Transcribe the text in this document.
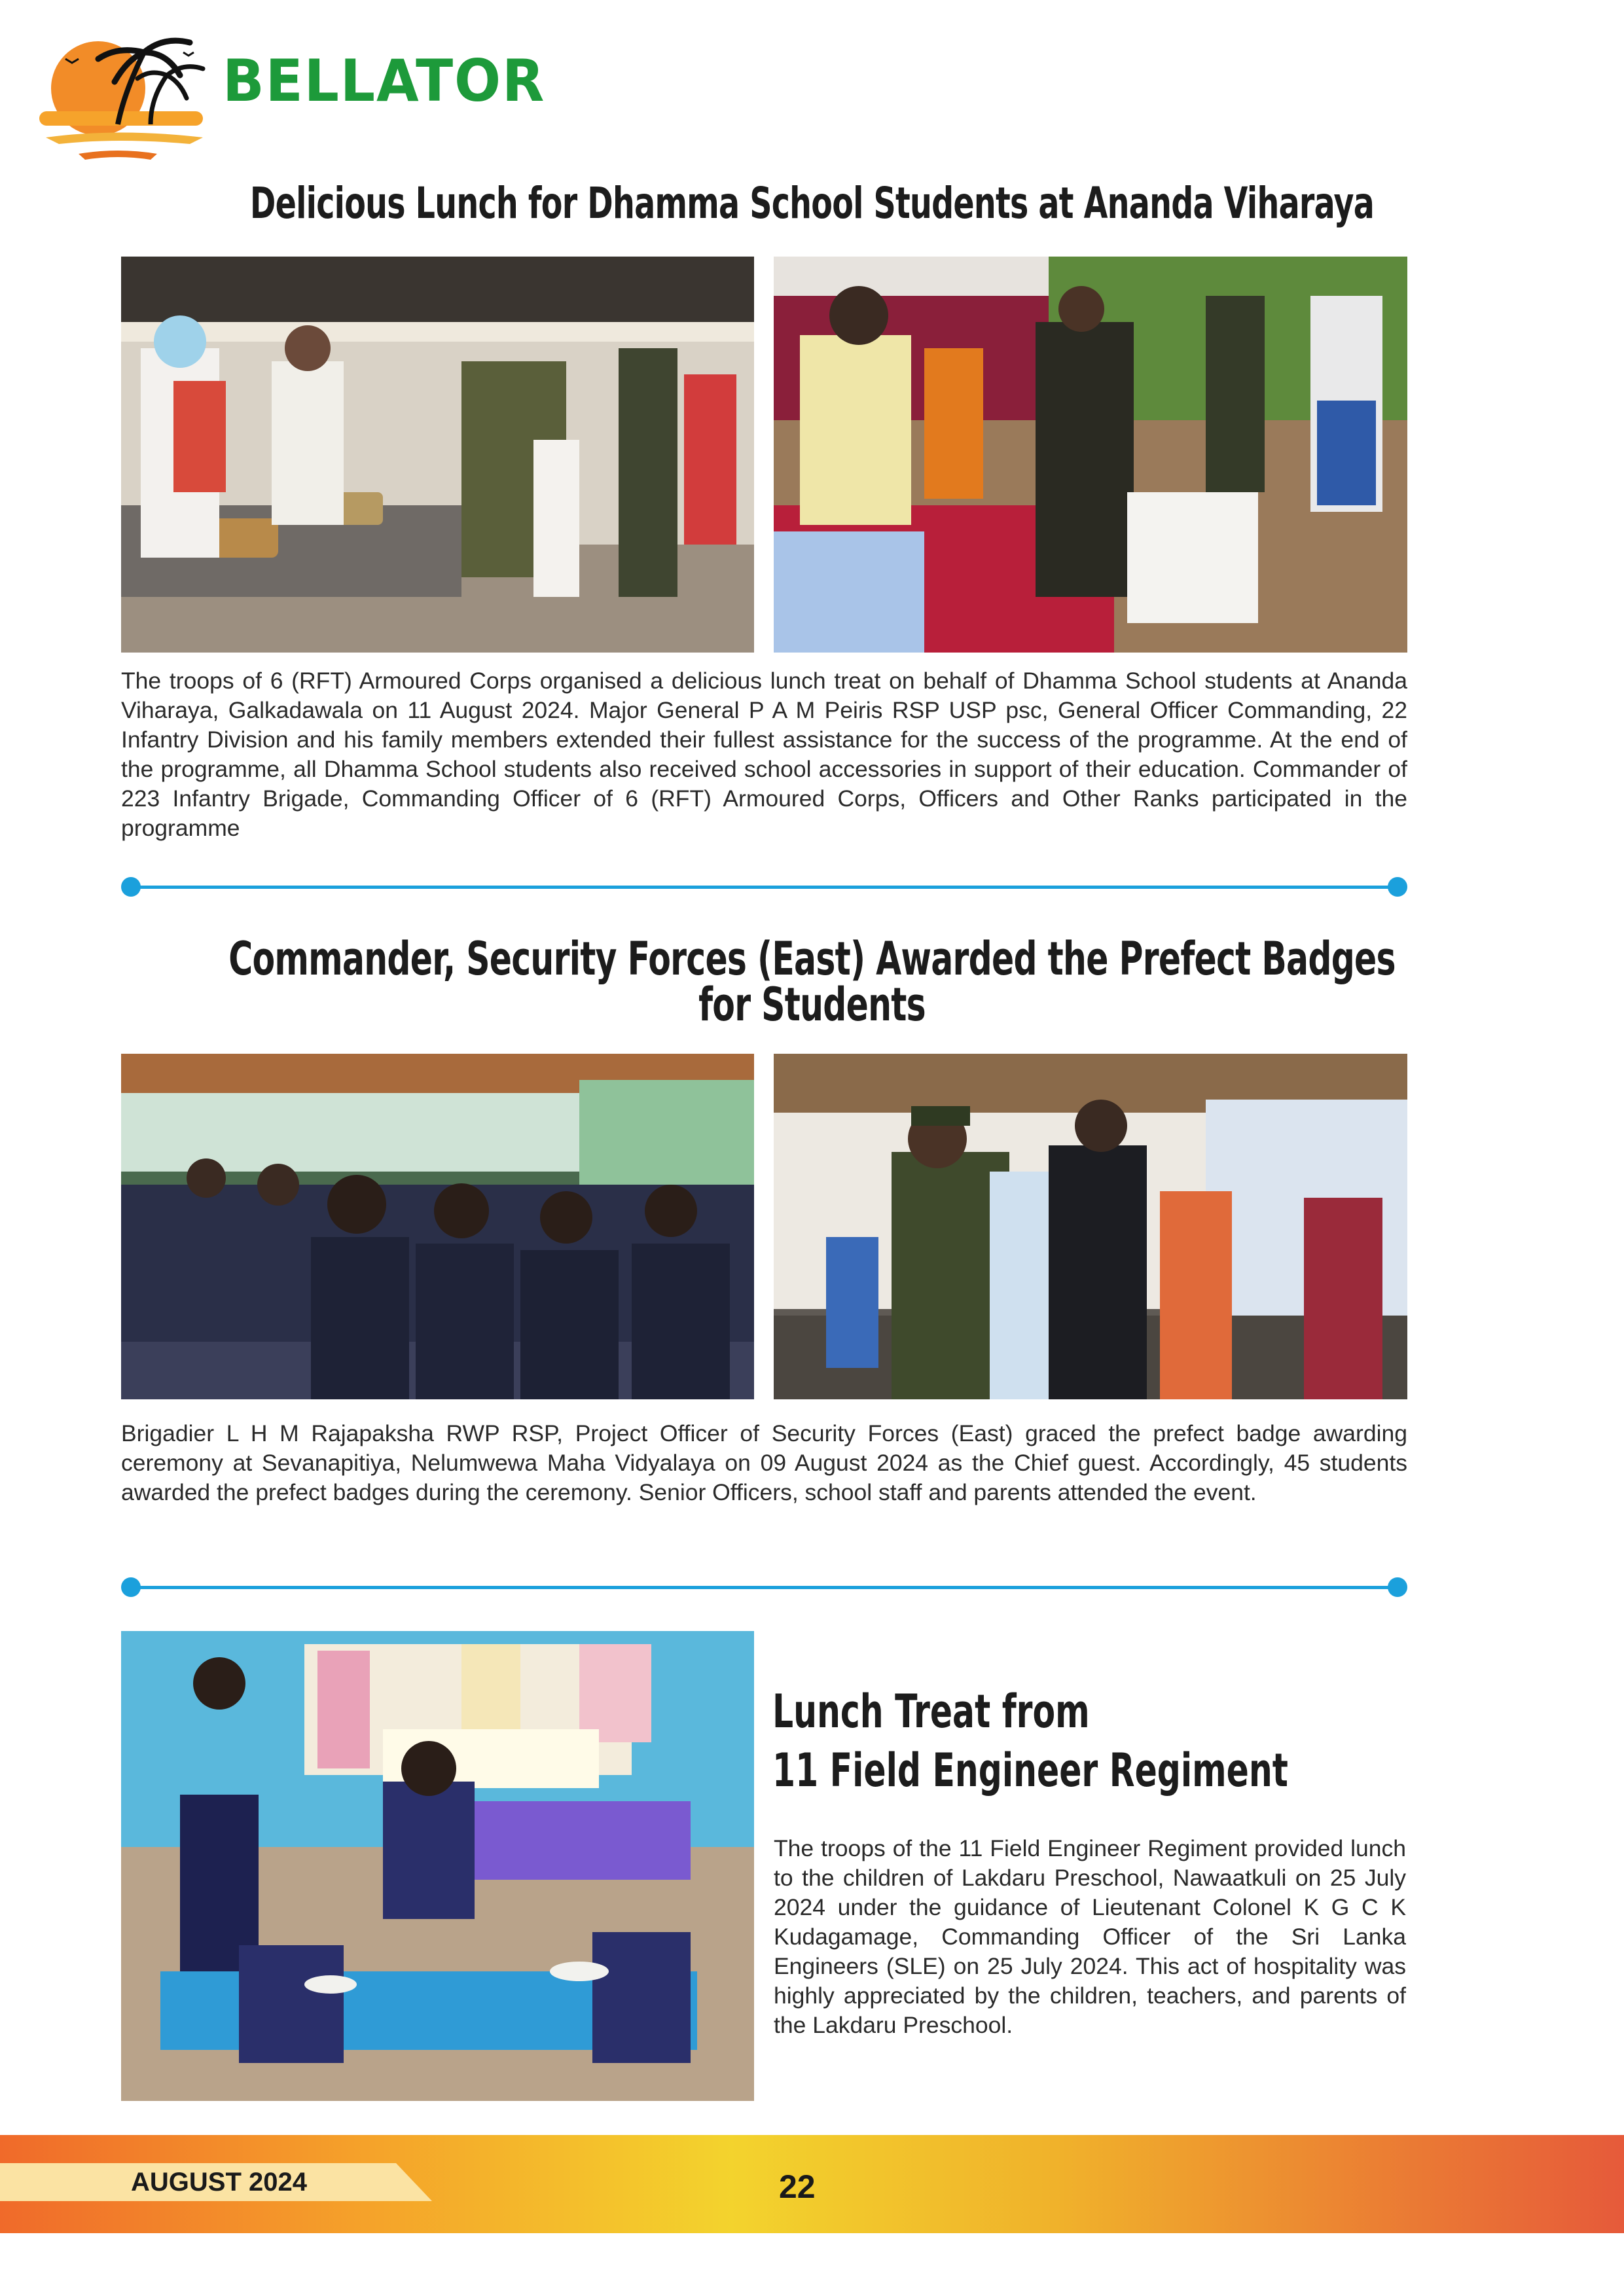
BELLATOR
Delicious Lunch for Dhamma School Students at Ananda Viharaya
The troops of 6 (RFT) Armoured Corps organised a delicious lunch treat on behalf of Dhamma School students at Ananda Viharaya, Galkadawala on 11 August 2024. Major General P A M Peiris RSP USP psc, General Officer Commanding, 22 Infantry Division and his family members extended their fullest assistance for the success of the programme. At the end of the programme, all Dhamma School students also received school accessories in support of their education. Commander of 223 Infantry Brigade, Commanding Officer of 6 (RFT) Armoured Corps, Officers and Other Ranks participated in the programme
Commander, Security Forces (East) Awarded the Prefect Badges for Students
Brigadier L H M Rajapaksha RWP RSP, Project Officer of Security Forces (East) graced the prefect badge awarding ceremony at Sevanapitiya, Nelumwewa Maha Vidyalaya on 09 August 2024 as the Chief guest. Accordingly, 45 students awarded the prefect badges during the ceremony. Senior Officers, school staff and parents attended the event.
Lunch Treat from
11 Field Engineer Regiment
The troops of the 11 Field Engineer Regiment provided lunch to the children of Lakdaru Preschool, Nawaatkuli on 25 July 2024 under the guidance of Lieutenant Colonel K G C K Kudagamage, Commanding Officer of the Sri Lanka Engineers (SLE) on 25 July 2024. This act of hospitality was highly appreciated by the children, teachers, and parents of the Lakdaru Preschool.
AUGUST 2024	22
